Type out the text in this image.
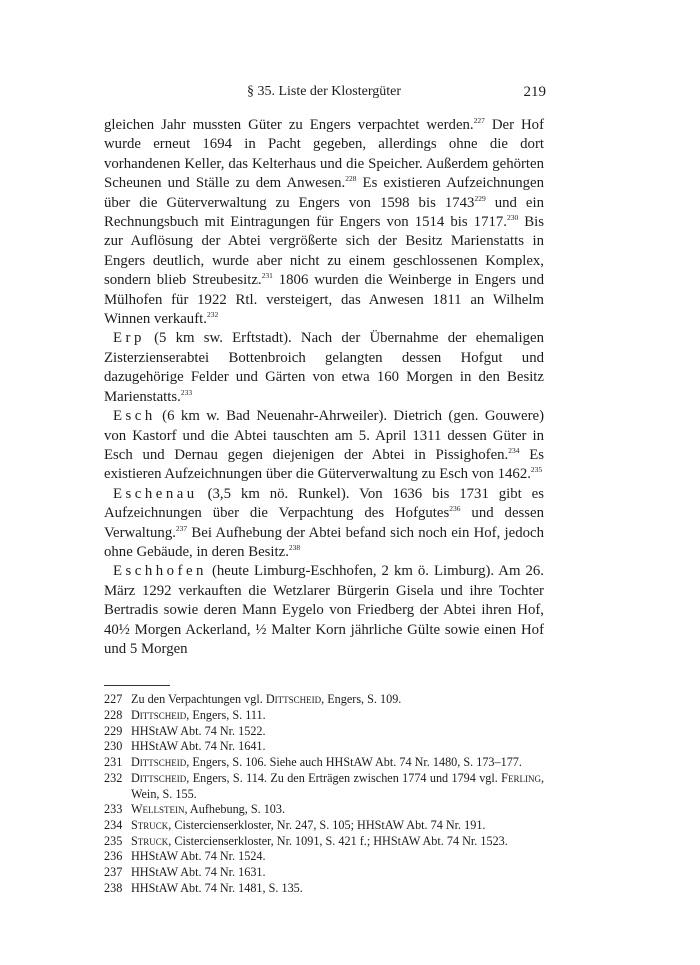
§ 35. Liste der Klostergüter	219

gleichen Jahr mussten Güter zu Engers verpachtet werden.$^{227}$ Der Hof wurde erneut 1694 in Pacht gegeben, allerdings ohne die dort vorhandenen Keller, das Kelterhaus und die Speicher. Außerdem gehörten Scheunen und Ställe zu dem Anwesen.$^{228}$ Es existieren Aufzeichnungen über die Güterverwaltung zu Engers von 1598 bis 1743$^{229}$ und ein Rechnungsbuch mit Eintragungen für Engers von 1514 bis 1717.$^{230}$ Bis zur Auflösung der Abtei vergrößerte sich der Besitz Marienstatts in Engers deutlich, wurde aber nicht zu einem geschlossenen Komplex, sondern blieb Streubesitz.$^{231}$ 1806 wurden die Weinberge in Engers und Mülhofen für 1922 Rtl. versteigert, das Anwesen 1811 an Wilhelm Winnen verkauft.$^{232}$

Erp (5 km sw. Erftstadt). Nach der Übernahme der ehemaligen Zisterzienserabtei Bottenbroich gelangten dessen Hofgut und dazugehörige Felder und Gärten von etwa 160 Morgen in den Besitz Marienstatts.$^{233}$

Esch (6 km w. Bad Neuenahr-Ahrweiler). Dietrich (gen. Gouwere) von Kastorf und die Abtei tauschten am 5. April 1311 dessen Güter in Esch und Dernau gegen diejenigen der Abtei in Pissighofen.$^{234}$ Es existieren Aufzeichnungen über die Güterverwaltung zu Esch von 1462.$^{235}$

Eschenau (3,5 km nö. Runkel). Von 1636 bis 1731 gibt es Aufzeichnungen über die Verpachtung des Hofgutes$^{236}$ und dessen Verwaltung.$^{237}$ Bei Aufhebung der Abtei befand sich noch ein Hof, jedoch ohne Gebäude, in deren Besitz.$^{238}$

Eschhofen (heute Limburg-Eschhofen, 2 km ö. Limburg). Am 26. März 1292 verkauften die Wetzlarer Bürgerin Gisela und ihre Tochter Bertradis sowie deren Mann Eygelo von Friedberg der Abtei ihren Hof, 40½ Morgen Ackerland, ½ Malter Korn jährliche Gülte sowie einen Hof und 5 Morgen

227 Zu den Verpachtungen vgl. Dittscheid, Engers, S. 109.
228 Dittscheid, Engers, S. 111.
229 HHStAW Abt. 74 Nr. 1522.
230 HHStAW Abt. 74 Nr. 1641.
231 Dittscheid, Engers, S. 106. Siehe auch HHStAW Abt. 74 Nr. 1480, S. 173–177.
232 Dittscheid, Engers, S. 114. Zu den Erträgen zwischen 1774 und 1794 vgl. Ferling, Wein, S. 155.
233 Wellstein, Aufhebung, S. 103.
234 Struck, Cistercienserkloster, Nr. 247, S. 105; HHStAW Abt. 74 Nr. 191.
235 Struck, Cistercienserkloster, Nr. 1091, S. 421 f.; HHStAW Abt. 74 Nr. 1523.
236 HHStAW Abt. 74 Nr. 1524.
237 HHStAW Abt. 74 Nr. 1631.
238 HHStAW Abt. 74 Nr. 1481, S. 135.
